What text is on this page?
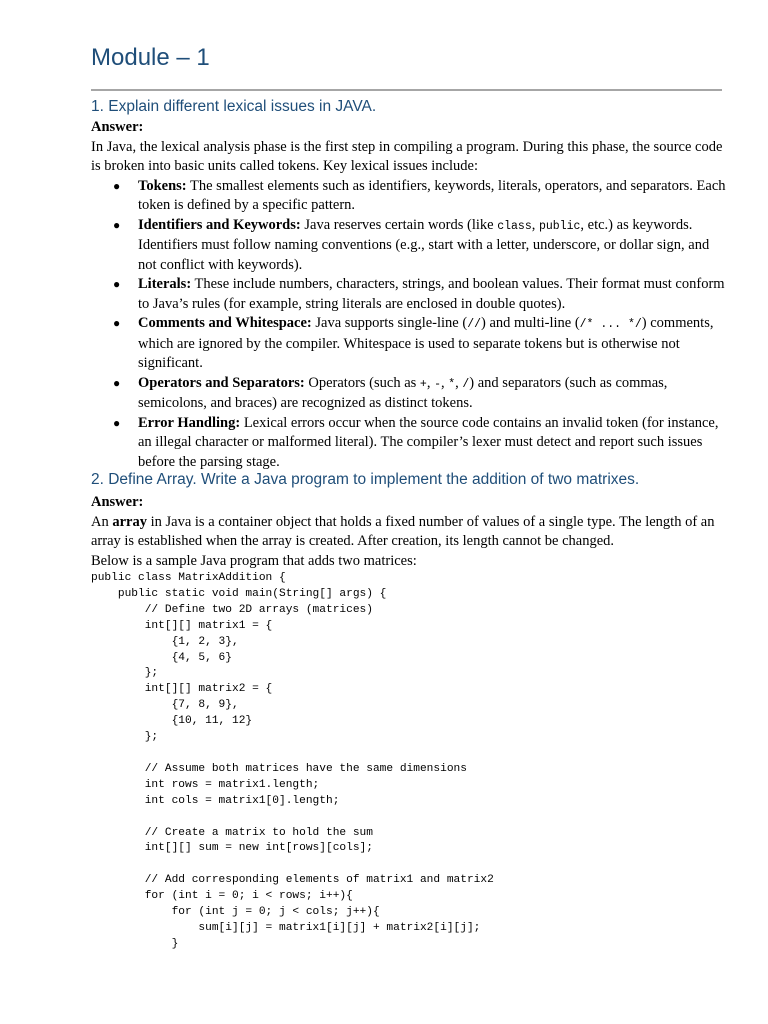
Module – 1
1. Explain different lexical issues in JAVA.
Answer:

In Java, the lexical analysis phase is the first step in compiling a program. During this phase, the source code is broken into basic units called tokens. Key lexical issues include:

● Tokens: The smallest elements such as identifiers, keywords, literals, operators, and separators. Each token is defined by a specific pattern.
● Identifiers and Keywords: Java reserves certain words (like class, public, etc.) as keywords. Identifiers must follow naming conventions (e.g., start with a letter, underscore, or dollar sign, and not conflict with keywords).
● Literals: These include numbers, characters, strings, and boolean values. Their format must conform to Java’s rules (for example, string literals are enclosed in double quotes).
● Comments and Whitespace: Java supports single-line (//) and multi-line (/* ... */) comments, which are ignored by the compiler. Whitespace is used to separate tokens but is otherwise not significant.
● Operators and Separators: Operators (such as +, -, *, /) and separators (such as commas, semicolons, and braces) are recognized as distinct tokens.
● Error Handling: Lexical errors occur when the source code contains an invalid token (for instance, an illegal character or malformed literal). The compiler’s lexer must detect and report such issues before the parsing stage.
2. Define Array. Write a Java program to implement the addition of two matrixes.
Answer:

An array in Java is a container object that holds a fixed number of values of a single type. The length of an array is established when the array is created. After creation, its length cannot be changed.

Below is a sample Java program that adds two matrices:

public class MatrixAddition {
public static void main(String[] args) {
// Define two 2D arrays (matrices)
int[][] matrix1 = {
{1, 2, 3},
{4, 5, 6}
};
int[][] matrix2 = {
{7, 8, 9},
{10, 11, 12}
};

// Assume both matrices have the same dimensions
int rows = matrix1.length;
int cols = matrix1[0].length;

// Create a matrix to hold the sum
int[][] sum = new int[rows][cols];

// Add corresponding elements of matrix1 and matrix2
for (int i = 0; i < rows; i++){
for (int j = 0; j < cols; j++){
sum[i][j] = matrix1[i][j] + matrix2[i][j];
}
